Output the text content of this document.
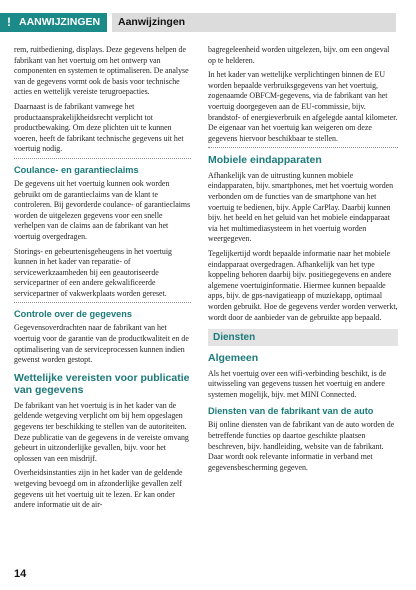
! AANWIJZINGEN	Aanwijzingen

rem, ruitbediening, displays. Deze gegevens helpen de fabrikant van het voertuig om het ontwerp van componenten en systemen te optimaliseren. De analyse van de gegevens vormt ook de basis voor technische acties en wettelijk vereiste terugroepacties.

Daarnaast is de fabrikant vanwege het productaansprakelijkheidsrecht verplicht tot productbewaking. Om deze plichten uit te kunnen voeren, heeft de fabrikant technische gegevens uit het voertuig nodig.

Coulance- en garantieclaims

De gegevens uit het voertuig kunnen ook worden gebruikt om de garantieclaims van de klant te controleren. Bij gevorderde coulance- of garantieclaims worden de uitgelezen gegevens voor een snelle verhelpen van de claims aan de fabrikant van het voertuig overgedragen.

Storings- en gebeurtenisgeheugens in het voertuig kunnen in het kader van reparatie- of servicewerkzaamheden bij een geautoriseerde servicepartner of een andere gekwalificeerde servicepartner of vakwerkplaats worden gereset.

Controle over de gegevens

Gegevensoverdrachten naar de fabrikant van het voertuig voor de garantie van de productkwaliteit en de optimalisering van de serviceprocessen kunnen indien gewenst worden gestopt.

Wettelijke vereisten voor publicatie van gegevens

De fabrikant van het voertuig is in het kader van de geldende wetgeving verplicht om bij hem opgeslagen gegevens ter beschikking te stellen van de autoriteiten. Deze publicatie van de gegevens in de vereiste omvang gebeurt in uitzonderlijke gevallen, bijv. voor het oplossen van een misdrijf.

Overheidsinstanties zijn in het kader van de geldende wetgeving bevoegd om in afzonderlijke gevallen zelf gegevens uit het voertuig uit te lezen. Er kan onder andere informatie uit de air-

bagregeleenheid worden uitgelezen, bijv. om een ongeval op te helderen.

In het kader van wettelijke verplichtingen binnen de EU worden bepaalde verbruiksgegevens van het voertuig, zogenaamde OBFCM-gegevens, via de fabrikant van het voertuig doorgegeven aan de EU-commissie, bijv. brandstof- of energieverbruik en afgelegde aantal kilometer. De eigenaar van het voertuig kan weigeren om deze gegevens hiervoor beschikbaar te stellen.

Mobiele eindapparaten

Afhankelijk van de uitrusting kunnen mobiele eindapparaten, bijv. smartphones, met het voertuig worden verbonden om de functies van de smartphone van het voertuig te bedienen, bijv. Apple CarPlay. Daarbij kunnen bijv. het beeld en het geluid van het mobiele eindapparaat via het multimediasysteem in het voertuig worden weergegeven.

Tegelijkertijd wordt bepaalde informatie naar het mobiele eindapparaat overgedragen. Afhankelijk van het type koppeling behoren daarbij bijv. positiegegevens en andere algemene voertuiginformatie. Hiermee kunnen bepaalde apps, bijv. de gps-navigatieapp of muziekapp, optimaal worden gebruikt. Hoe de gegevens verder worden verwerkt, wordt door de aanbieder van de gebruikte app bepaald.

Diensten
Algemeen

Als het voertuig over een wifi-verbinding beschikt, is de uitwisseling van gegevens tussen het voertuig en andere systemen mogelijk, bijv. met MINI Connected.

Diensten van de fabrikant van de auto

Bij online diensten van de fabrikant van de auto worden de betreffende functies op daartoe geschikte plaatsen beschreven, bijv. handleiding, website van de fabrikant. Daar wordt ook relevante informatie in verband met gegevensbescherming gegeven.

14
